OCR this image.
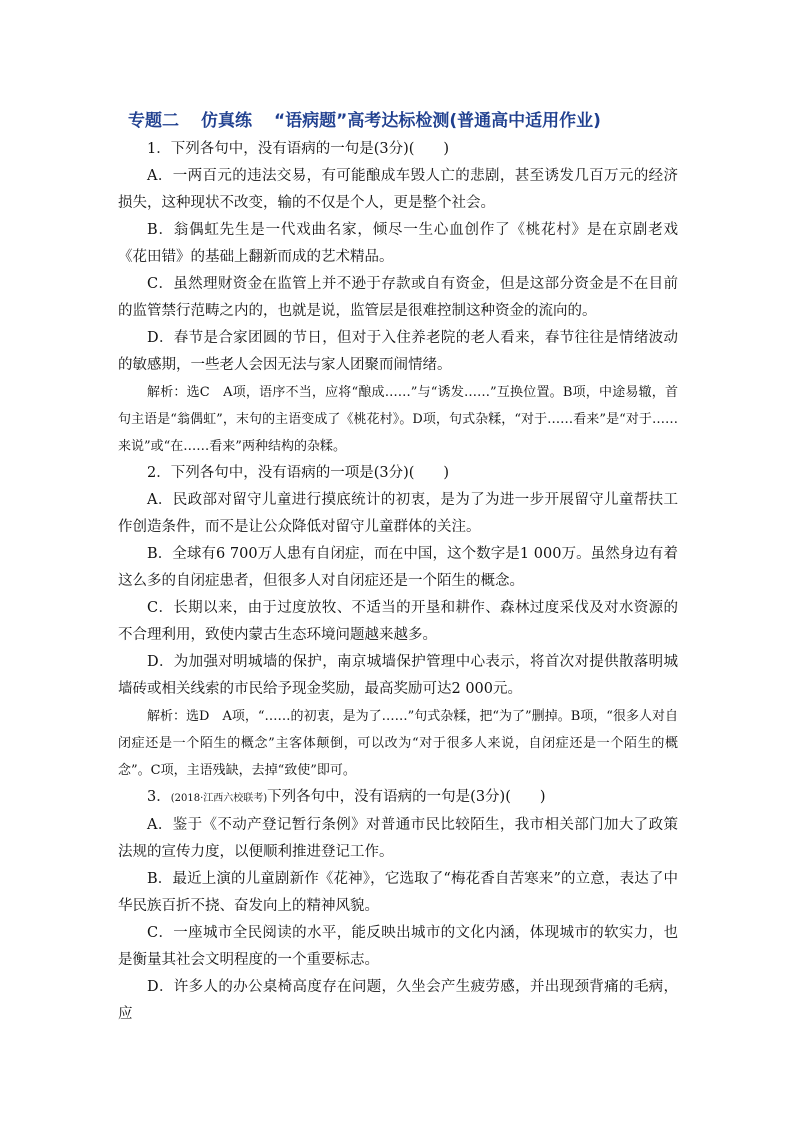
专题二 仿真练 “语病题”高考达标检测(普通高中适用作业)

1．下列各句中，没有语病的一句是(3分)(　　)

A．一两百元的违法交易，有可能酿成车毁人亡的悲剧，甚至诱发几百万元的经济损失，这种现状不改变，输的不仅是个人，更是整个社会。

B．翁偶虹先生是一代戏曲名家，倾尽一生心血创作了《桃花村》是在京剧老戏《花田错》的基础上翻新而成的艺术精品。

C．虽然理财资金在监管上并不逊于存款或自有资金，但是这部分资金是不在目前的监管禁行范畴之内的，也就是说，监管层是很难控制这种资金的流向的。

D．春节是合家团圆的节日，但对于入住养老院的老人看来，春节往往是情绪波动的敏感期，一些老人会因无法与家人团聚而闹情绪。

解析：选C　A项，语序不当，应将“酿成……”与“诱发……”互换位置。B项，中途易辙，首句主语是“翁偶虹”，末句的主语变成了《桃花村》。D项，句式杂糅，“对于……看来”是“对于……来说”或“在……看来”两种结构的杂糅。

2．下列各句中，没有语病的一项是(3分)(　　)

A．民政部对留守儿童进行摸底统计的初衷，是为了为进一步开展留守儿童帮扶工作创造条件，而不是让公众降低对留守儿童群体的关注。

B．全球有6 700万人患有自闭症，而在中国，这个数字是1 000万。虽然身边有着这么多的自闭症患者，但很多人对自闭症还是一个陌生的概念。

C．长期以来，由于过度放牧、不适当的开垦和耕作、森林过度采伐及对水资源的不合理利用，致使内蒙古生态环境问题越来越多。

D．为加强对明城墙的保护，南京城墙保护管理中心表示，将首次对提供散落明城墙砖或相关线索的市民给予现金奖励，最高奖励可达2 000元。

解析：选D　A项，“……的初衷，是为了……”句式杂糅，把“为了”删掉。B项，“很多人对自闭症还是一个陌生的概念”主客体颠倒，可以改为“对于很多人来说，自闭症还是一个陌生的概念”。C项，主语残缺，去掉“致使”即可。

3．(2018·江西六校联考)下列各句中，没有语病的一句是(3分)(　　)

A．鉴于《不动产登记暂行条例》对普通市民比较陌生，我市相关部门加大了政策法规的宣传力度，以便顺利推进登记工作。

B．最近上演的儿童剧新作《花神》，它选取了“梅花香自苦寒来”的立意，表达了中华民族百折不挠、奋发向上的精神风貌。

C．一座城市全民阅读的水平，能反映出城市的文化内涵，体现城市的软实力，也是衡量其社会文明程度的一个重要标志。

D．许多人的办公桌椅高度存在问题，久坐会产生疲劳感，并出现颈背痛的毛病，应
